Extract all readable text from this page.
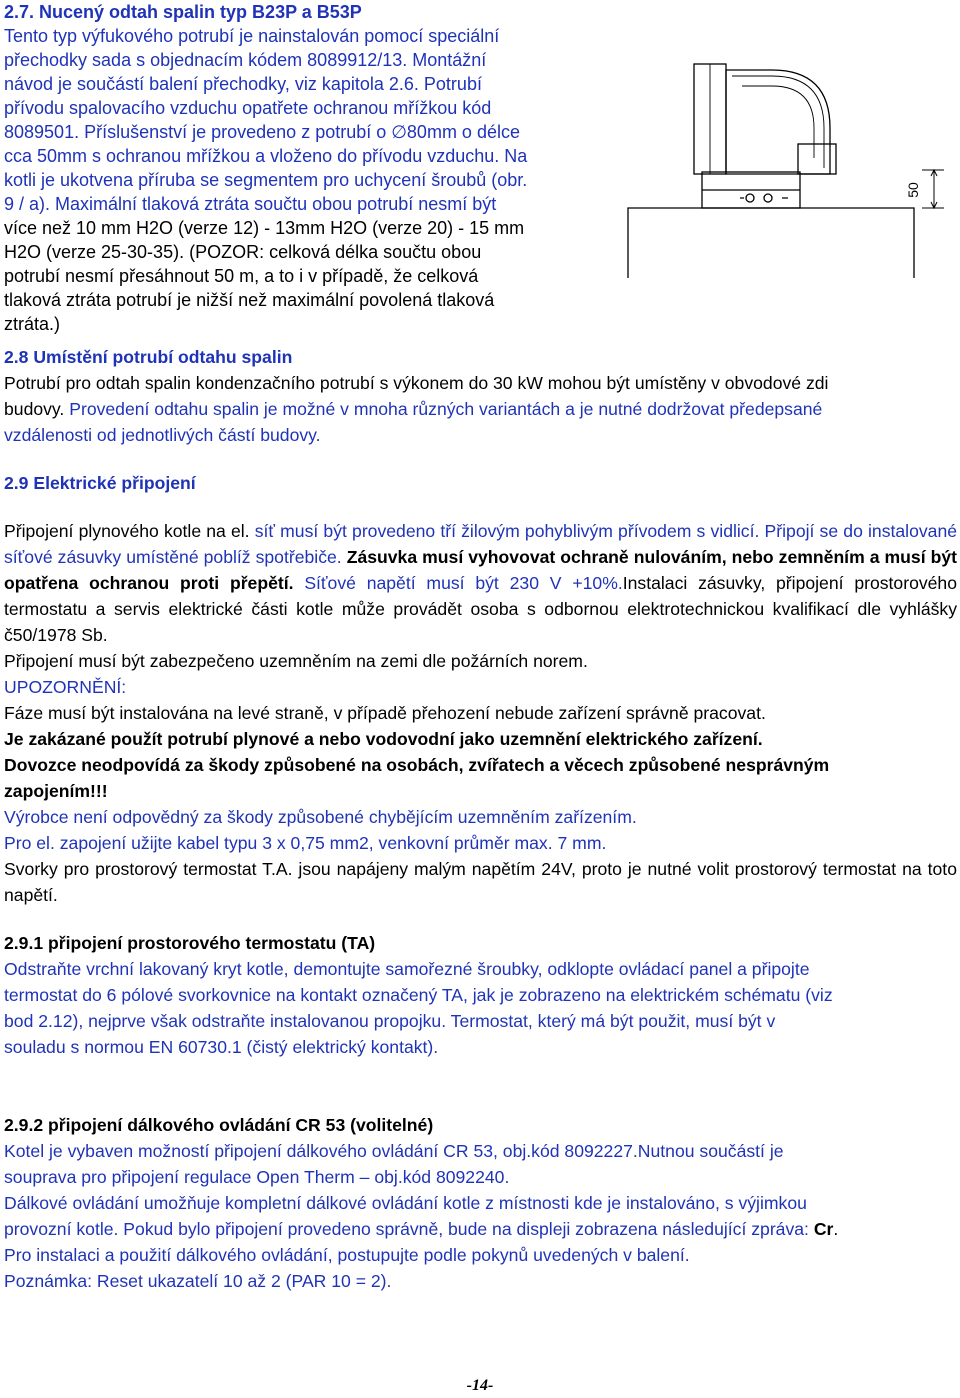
2.7. Nucený odtah spalin typ B23P a B53P
Tento typ výfukového potrubí je nainstalován pomocí speciální
přechodky sada s objednacím kódem 8089912/13. Montážní
návod je součástí balení přechodky, viz kapitola 2.6. Potrubí
přívodu spalovacího vzduchu opatřete ochranou mřížkou kód
8089501. Příslušenství je provedeno z potrubí o ∅80mm o délce
cca 50mm s ochranou mřížkou a vloženo do přívodu vzduchu. Na
kotli je ukotvena příruba se segmentem pro uchycení šroubů (obr.
9 / a). Maximální tlaková ztráta součtu obou potrubí nesmí být
více než 10 mm H2O (verze 12) - 13mm H2O (verze 20) - 15 mm
H2O (verze 25-30-35). (POZOR: celková délka součtu obou
potrubí nesmí přesáhnout 50 m, a to i v případě, že celková
tlaková ztráta potrubí je nižší než maximální povolená tlaková
ztráta.)
50

2.8 Umístění potrubí odtahu spalin

Potrubí pro odtah spalin kondenzačního potrubí s výkonem do 30 kW mohou být umístěny v obvodové zdi
budovy. Provedení odtahu spalin je možné v mnoha různých variantách a je nutné dodržovat předepsané
vzdálenosti od jednotlivých částí budovy.

2.9 Elektrické připojení

Připojení plynového kotle na el. síť musí být provedeno tří žilovým pohyblivým přívodem s vidlicí. Připojí se do instalované síťové zásuvky umístěné poblíž spotřebiče. Zásuvka musí vyhovovat ochraně nulováním, nebo zemněním a musí být opatřena ochranou proti přepětí. Síťové napětí musí být 230 V +10%.Instalaci zásuvky, připojení prostorového termostatu a servis elektrické části kotle může provádět osoba s odbornou elektrotechnickou kvalifikací dle vyhlášky č50/1978 Sb.

Připojení musí být zabezpečeno uzemněním na zemi dle požárních norem.

UPOZORNĚNÍ:

Fáze musí být instalována na levé straně, v případě přehození nebude zařízení správně pracovat.

Je zakázané použít potrubí plynové a nebo vodovodní jako uzemnění elektrického zařízení.

Dovozce neodpovídá za škody způsobené na osobách, zvířatech a věcech způsobené nesprávným

zapojením!!!

Výrobce není odpovědný za škody způsobené chybějícím uzemněním zařízením.

Pro el. zapojení užijte kabel typu 3 x 0,75 mm2, venkovní průměr max. 7 mm.

Svorky pro prostorový termostat T.A. jsou napájeny malým napětím 24V, proto je nutné volit prostorový termostat na toto napětí.

2.9.1 připojení prostorového termostatu (TA)

Odstraňte vrchní lakovaný kryt kotle, demontujte samořezné šroubky, odklopte ovládací panel a připojte
termostat do 6 pólové svorkovnice na kontakt označený TA, jak je zobrazeno na elektrickém schématu (viz
bod 2.12), nejprve však odstraňte instalovanou propojku. Termostat, který má být použit, musí být v
souladu s normou EN 60730.1 (čistý elektrický kontakt).

2.9.2 připojení dálkového ovládání CR 53 (volitelné)

Kotel je vybaven možností připojení dálkového ovládání CR 53, obj.kód 8092227.Nutnou součástí je
souprava pro připojení regulace Open Therm – obj.kód 8092240.
Dálkové ovládání umožňuje kompletní dálkové ovládání kotle z místnosti kde je instalováno, s výjimkou
provozní kotle. Pokud bylo připojení provedeno správně, bude na displeji zobrazena následující zpráva: Cr.
Pro instalaci a použití dálkového ovládání, postupujte podle pokynů uvedených v balení.
Poznámka: Reset ukazatelí 10 až 2 (PAR 10 = 2).

-14-
